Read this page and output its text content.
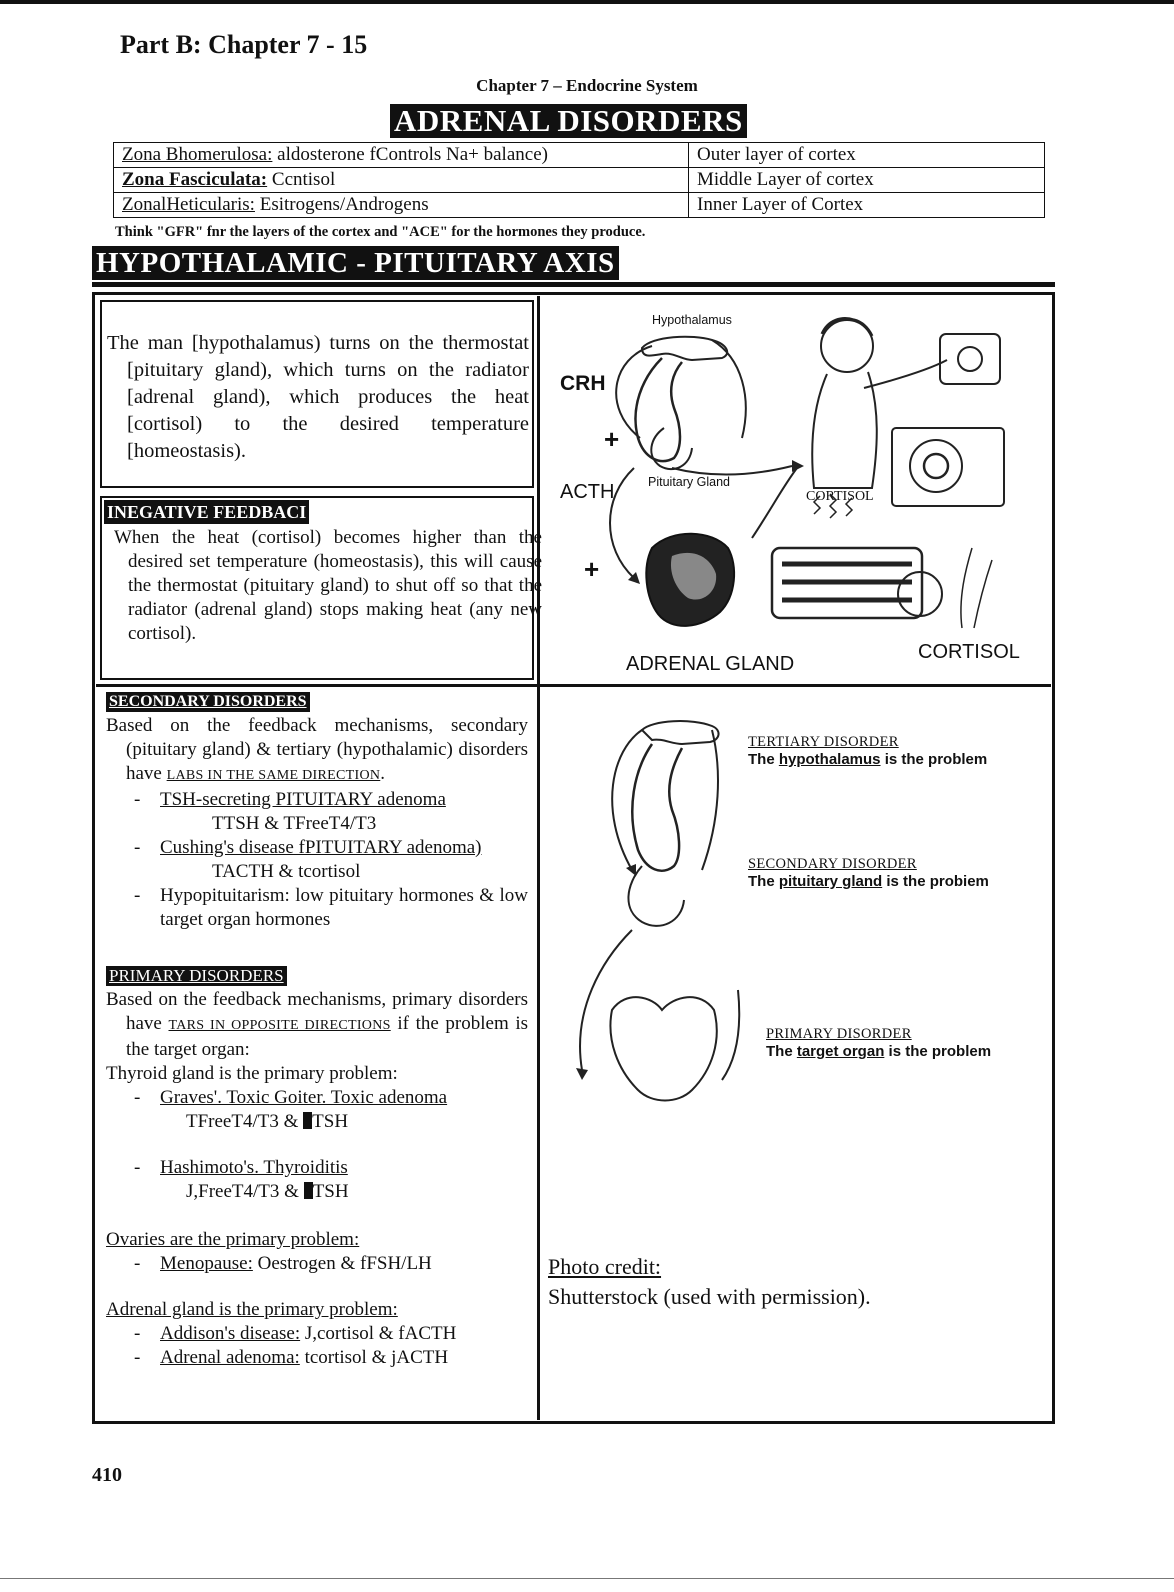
Part B: Chapter 7 - 15
Chapter 7 – Endocrine System
ADRENAL DISORDERS
Zona Bhomerulosa: aldosterone fControls Na+ balance)	Outer layer of cortex
Zona Fasciculata: Ccntisol	Middle Layer of cortex
ZonalHeticularis: Esitrogens/Androgens	Inner Layer of Cortex
Think "GFR" fnr the layers of the cortex and "ACE" for the hormones they produce.
HYPOTHALAMIC - PITUITARY AXIS
The man [hypothalamus) turns on the thermostat [pituitary gland), which turns on the radiator [adrenal gland), which produces the heat [cortisol) to the desired temperature [homeostasis).
INEGATIVE FEEDBACI
When the heat (cortisol) becomes higher than the desired set temperature (homeostasis), this will cause the thermostat (pituitary gland) to shut off so that the radiator (adrenal gland) stops making heat (any new cortisol).
Hypothalamus
CRH
+
ACTH
+
Pituitary Gland
CORTISOL
ADRENAL GLAND
CORTISOL
SECONDARY DISORDERS
Based on the feedback mechanisms, secondary (pituitary gland) & tertiary (hypothalamic) disorders have LABS IN THE SAME DIRECTION.
- TSH-secreting PITUITARY adenoma
TTSH & TFreeT4/T3
- Cushing's disease fPITUITARY adenoma)
TACTH & tcortisol
- Hypopituitarism: low pituitary hormones & low target organ hormones
PRIMARY DISORDERS
Based on the feedback mechanisms, primary disorders have TARS IN OPPOSITE DIRECTIONS if the problem is the target organ:
Thyroid gland is the primary problem:
- Graves'. Toxic Goiter. Toxic adenoma
TFreeT4/T3 & TSH
- Hashimoto's. Thyroiditis
J,FreeT4/T3 & TSH
Ovaries are the primary problem:
- Menopause: Oestrogen & fFSH/LH
Adrenal gland is the primary problem:
- Addison's disease: J,cortisol & fACTH
- Adrenal adenoma: tcortisol & jACTH
TERTIARY DISORDER
The hypothalamus is the problem
SECONDARY DISORDER
The pituitary gland is the probiem
PRIMARY DISORDER
The target organ is the problem
Photo credit:
Shutterstock (used with permission).
410
